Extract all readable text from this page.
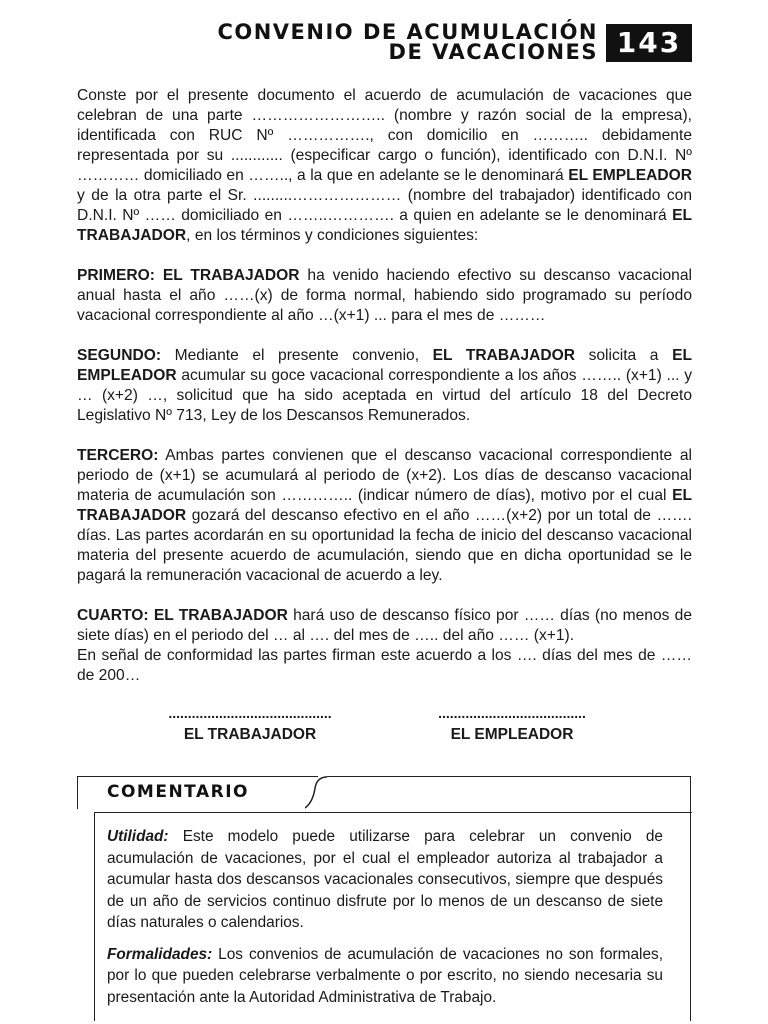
CONVENIO DE ACUMULACIÓN
DE VACACIONES 143

Conste por el presente documento el acuerdo de acumulación de vacaciones que celebran de una parte …………………….. (nombre y razón social de la empresa), identificada con RUC Nº ……………., con domicilio en ……….. debidamente representada por su ............ (especificar cargo o función), identificado con D.N.I. Nº ………… domiciliado en …….., a la que en adelante se le denominará EL EMPLEADOR y de la otra parte el Sr. .........………………… (nombre del trabajador) identificado con D.N.I. Nº …… domiciliado en ……..…………. a quien en adelante se le denominará EL TRABAJADOR, en los términos y condiciones siguientes:

PRIMERO: EL TRABAJADOR ha venido haciendo efectivo su descanso vacacional anual hasta el año ……(x) de forma normal, habiendo sido programado su período vacacional correspondiente al año …(x+1) ... para el mes de ………

SEGUNDO: Mediante el presente convenio, EL TRABAJADOR solicita a EL EMPLEADOR acumular su goce vacacional correspondiente a los años …….. (x+1) ... y … (x+2) …, solicitud que ha sido aceptada en virtud del artículo 18 del Decreto Legislativo Nº 713, Ley de los Descansos Remunerados.

TERCERO: Ambas partes convienen que el descanso vacacional correspondiente al periodo de (x+1) se acumulará al periodo de (x+2). Los días de descanso vacacional materia de acumulación son ………….. (indicar número de días), motivo por el cual EL TRABAJADOR gozará del descanso efectivo en el año ……(x+2) por un total de ……. días. Las partes acordarán en su oportunidad la fecha de inicio del descanso vacacional materia del presente acuerdo de acumulación, siendo que en dicha oportunidad se le pagará la remuneración vacacional de acuerdo a ley.

CUARTO: EL TRABAJADOR hará uso de descanso físico por …… días (no menos de siete días) en el periodo del … al …. del mes de ….. del año …… (x+1).

En señal de conformidad las partes firman este acuerdo a los …. días del mes de …… de 200…

..........................................
EL TRABAJADOR
......................................
EL EMPLEADOR
COMENTARIO

Utilidad: Este modelo puede utilizarse para celebrar un convenio de acumulación de vacaciones, por el cual el empleador autoriza al trabajador a acumular hasta dos descansos vacacionales consecutivos, siempre que después de un año de servicios continuo disfrute por lo menos de un descanso de siete días naturales o calendarios.

Formalidades: Los convenios de acumulación de vacaciones no son formales, por lo que pueden celebrarse verbalmente o por escrito, no siendo necesaria su presentación ante la Autoridad Administrativa de Trabajo.
